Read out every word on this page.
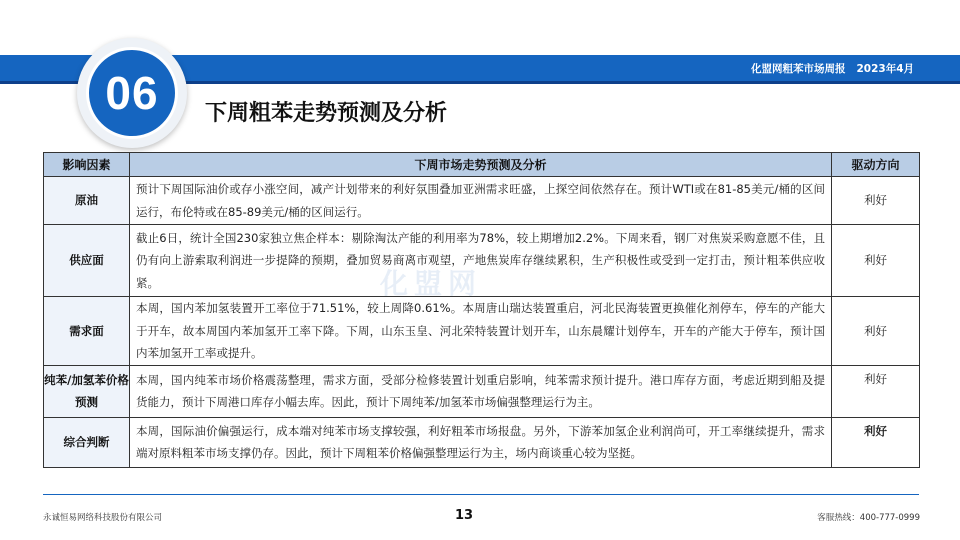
化盟网粗苯市场周报   2023年4月
06 下周粗苯走势预测及分析
影响因素	下周市场走势预测及分析	驱动方向
原油	预计下周国际油价或存小涨空间，减产计划带来的利好氛围叠加亚洲需求旺盛，上探空间依然存在。预计WTI或在81-85美元/桶的区间运行，布伦特或在85-89美元/桶的区间运行。	利好
供应面	截止6日，统计全国230家独立焦企样本：剔除淘汰产能的利用率为78%，较上期增加2.2%。下周来看，钢厂对焦炭采购意愿不佳，且仍有向上游索取利润进一步提降的预期，叠加贸易商离市观望，产地焦炭库存继续累积，生产积极性或受到一定打击，预计粗苯供应收紧。	利好
需求面	本周，国内苯加氢装置开工率位于71.51%，较上周降0.61%。本周唐山瑞达装置重启，河北民海装置更换催化剂停车，停车的产能大于开车，故本周国内苯加氢开工率下降。下周，山东玉皇、河北荣特装置计划开车，山东晨耀计划停车，开车的产能大于停车，预计国内苯加氢开工率或提升。	利好
纯苯/加氢苯价格预测	本周，国内纯苯市场价格震荡整理，需求方面，受部分检修装置计划重启影响，纯苯需求预计提升。港口库存方面，考虑近期到船及提货能力，预计下周港口库存小幅去库。因此，预计下周纯苯/加氢苯市场偏强整理运行为主。	利好
综合判断	本周，国际油价偏强运行，成本端对纯苯市场支撑较强，利好粗苯市场报盘。另外，下游苯加氢企业利润尚可，开工率继续提升，需求端对原料粗苯市场支撑仍存。因此，预计下周粗苯价格偏强整理运行为主，场内商谈重心较为坚挺。	利好
化盟网
永诚恒易网络科技股份有限公司	13	客服热线：400-777-0999
